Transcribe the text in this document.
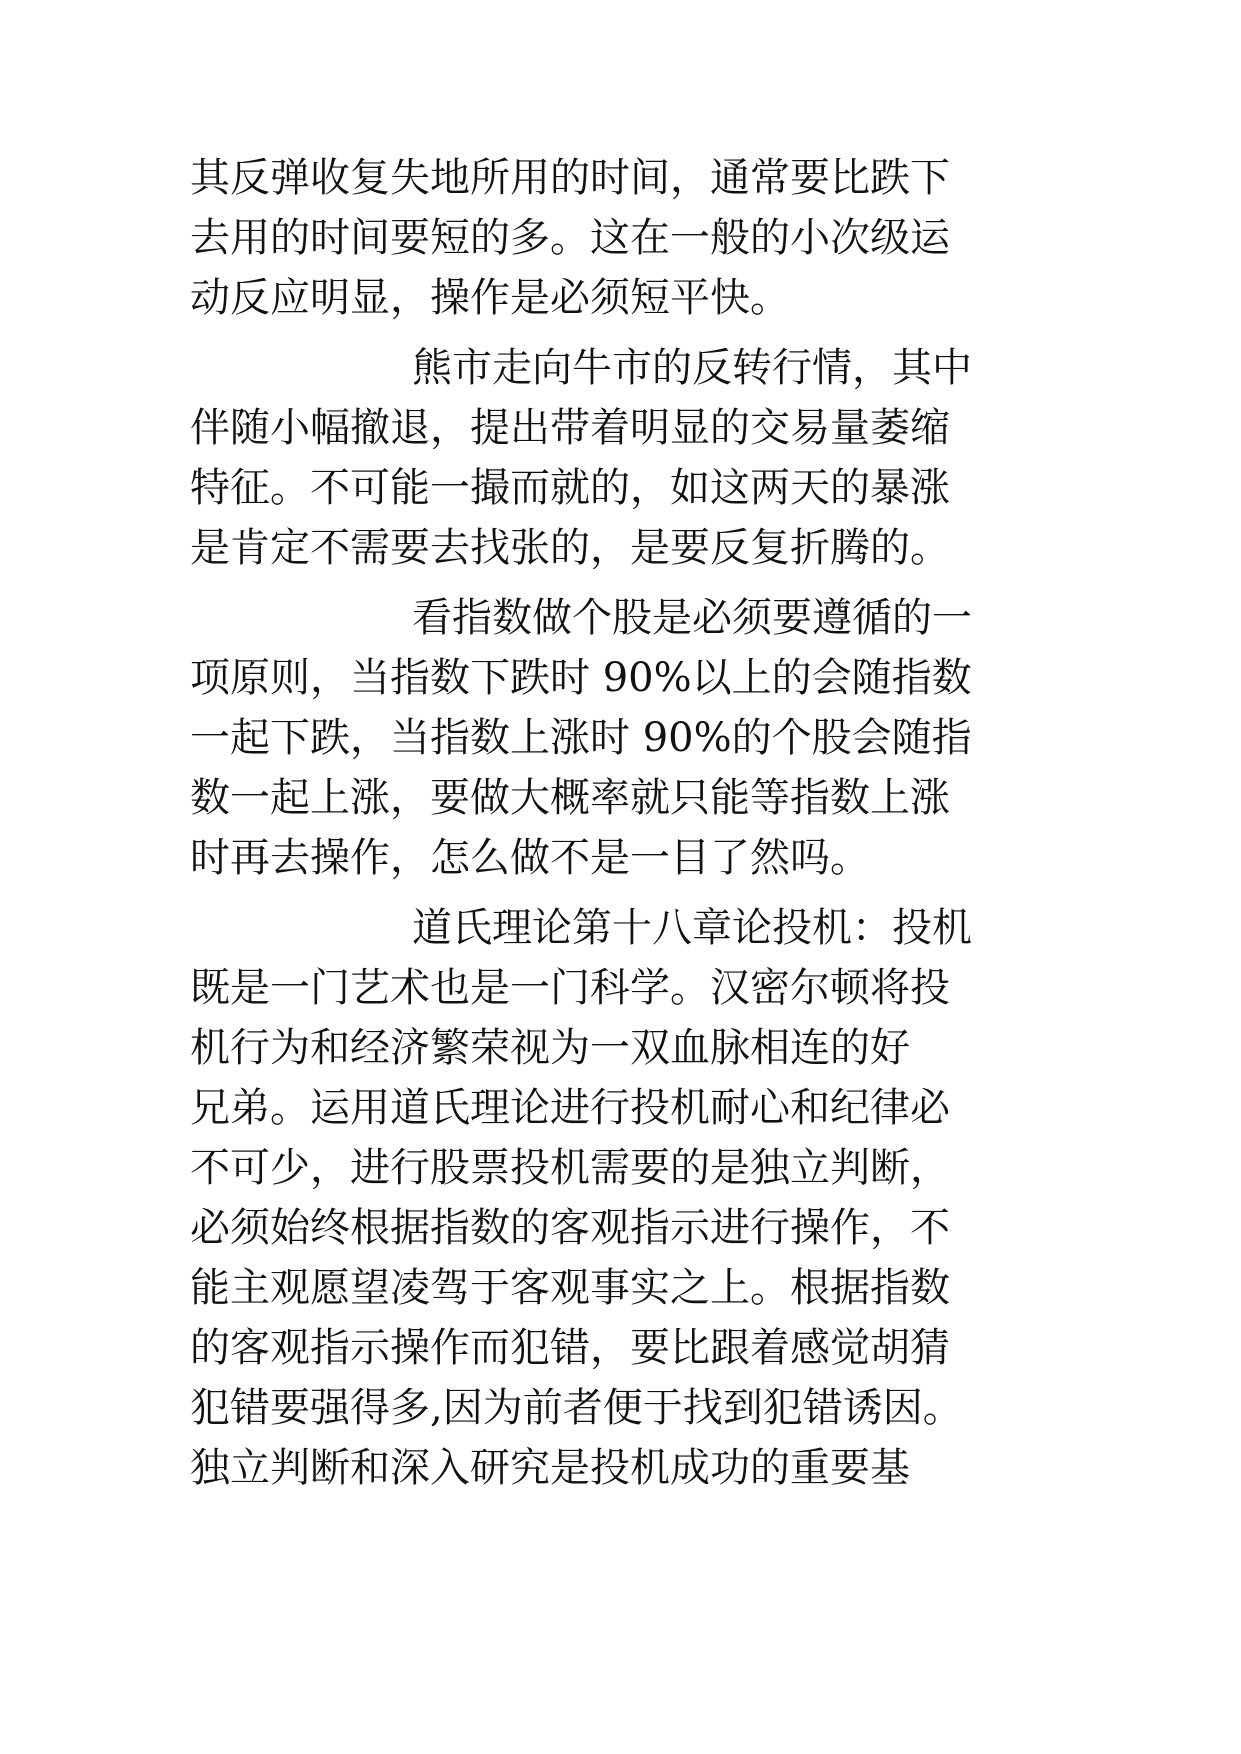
其反弹收复失地所用的时间，通常要比跌下

去用的时间要短的多。这在一般的小次级运

动反应明显，操作是必须短平快。

熊市走向牛市的反转行情，其中

伴随小幅撤退，提出带着明显的交易量萎缩

特征。不可能一撮而就的，如这两天的暴涨

是肯定不需要去找张的，是要反复折腾的。

看指数做个股是必须要遵循的一

项原则，当指数下跌时 90%以上的会随指数

一起下跌，当指数上涨时 90%的个股会随指

数一起上涨，要做大概率就只能等指数上涨

时再去操作，怎么做不是一目了然吗。

道氏理论第十八章论投机：投机

既是一门艺术也是一门科学。汉密尔顿将投

机行为和经济繁荣视为一双血脉相连的好

兄弟。运用道氏理论进行投机耐心和纪律必

不可少，进行股票投机需要的是独立判断，

必须始终根据指数的客观指示进行操作，不

能主观愿望凌驾于客观事实之上。根据指数

的客观指示操作而犯错，要比跟着感觉胡猜

犯错要强得多,因为前者便于找到犯错诱因。

独立判断和深入研究是投机成功的重要基
